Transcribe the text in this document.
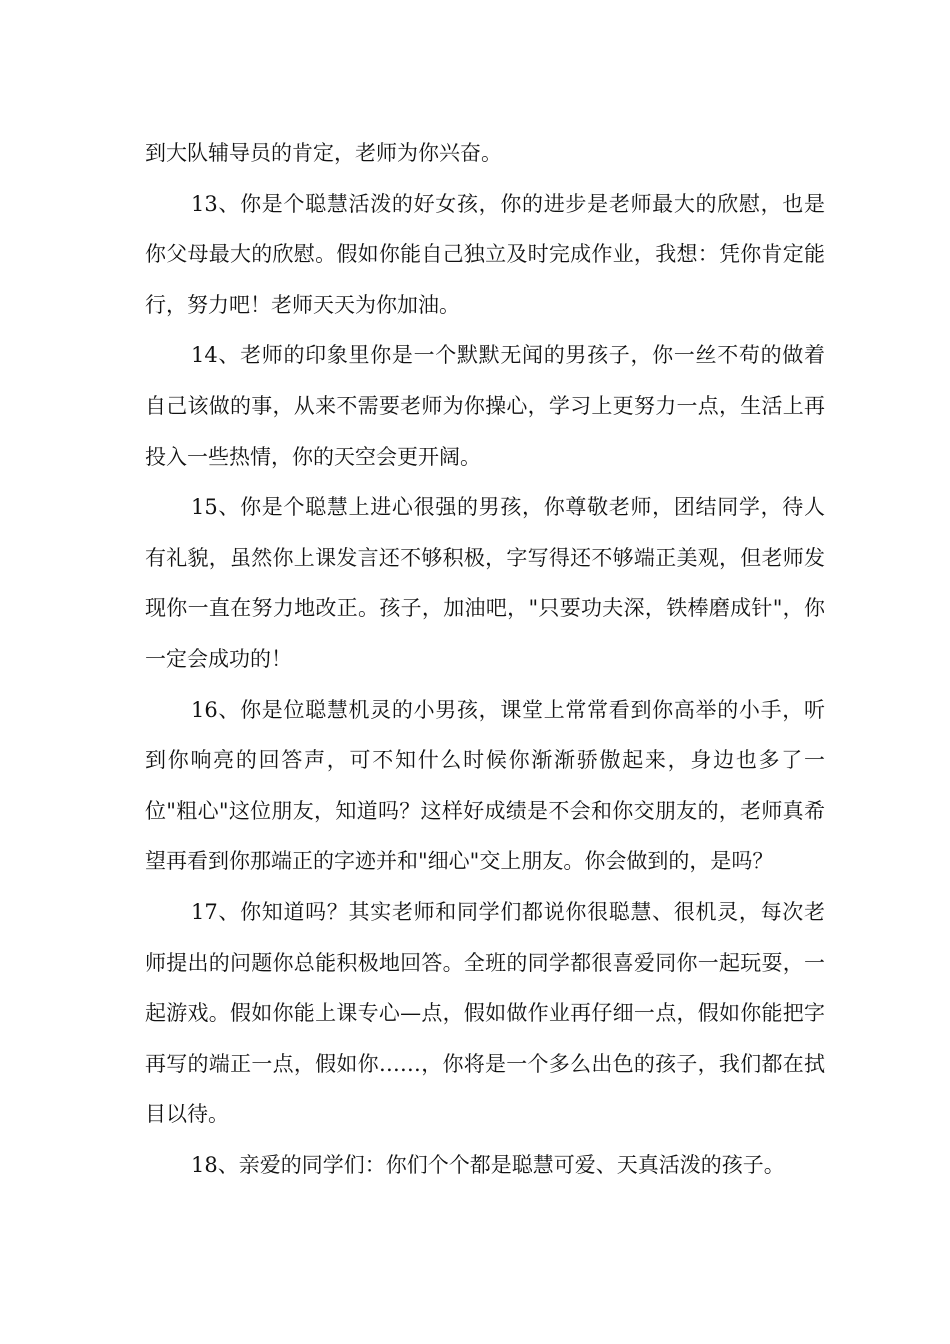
到大队辅导员的肯定，老师为你兴奋。

13、你是个聪慧活泼的好女孩，你的进步是老师最大的欣慰，也是你父母最大的欣慰。假如你能自己独立及时完成作业，我想：凭你肯定能行，努力吧！老师天天为你加油。

14、老师的印象里你是一个默默无闻的男孩子，你一丝不苟的做着自己该做的事，从来不需要老师为你操心，学习上更努力一点，生活上再投入一些热情，你的天空会更开阔。

15、你是个聪慧上进心很强的男孩，你尊敬老师，团结同学，待人有礼貌，虽然你上课发言还不够积极，字写得还不够端正美观，但老师发现你一直在努力地改正。孩子，加油吧，"只要功夫深，铁棒磨成针"，你一定会成功的！

16、你是位聪慧机灵的小男孩，课堂上常常看到你高举的小手，听到你响亮的回答声，可不知什么时候你渐渐骄傲起来，身边也多了一位"粗心"这位朋友，知道吗？这样好成绩是不会和你交朋友的，老师真希望再看到你那端正的字迹并和"细心"交上朋友。你会做到的，是吗？

17、你知道吗？其实老师和同学们都说你很聪慧、很机灵，每次老师提出的问题你总能积极地回答。全班的同学都很喜爱同你一起玩耍，一起游戏。假如你能上课专心—点，假如做作业再仔细一点，假如你能把字再写的端正一点，假如你……，你将是一个多么出色的孩子，我们都在拭目以待。

18、亲爱的同学们：你们个个都是聪慧可爱、天真活泼的孩子。
